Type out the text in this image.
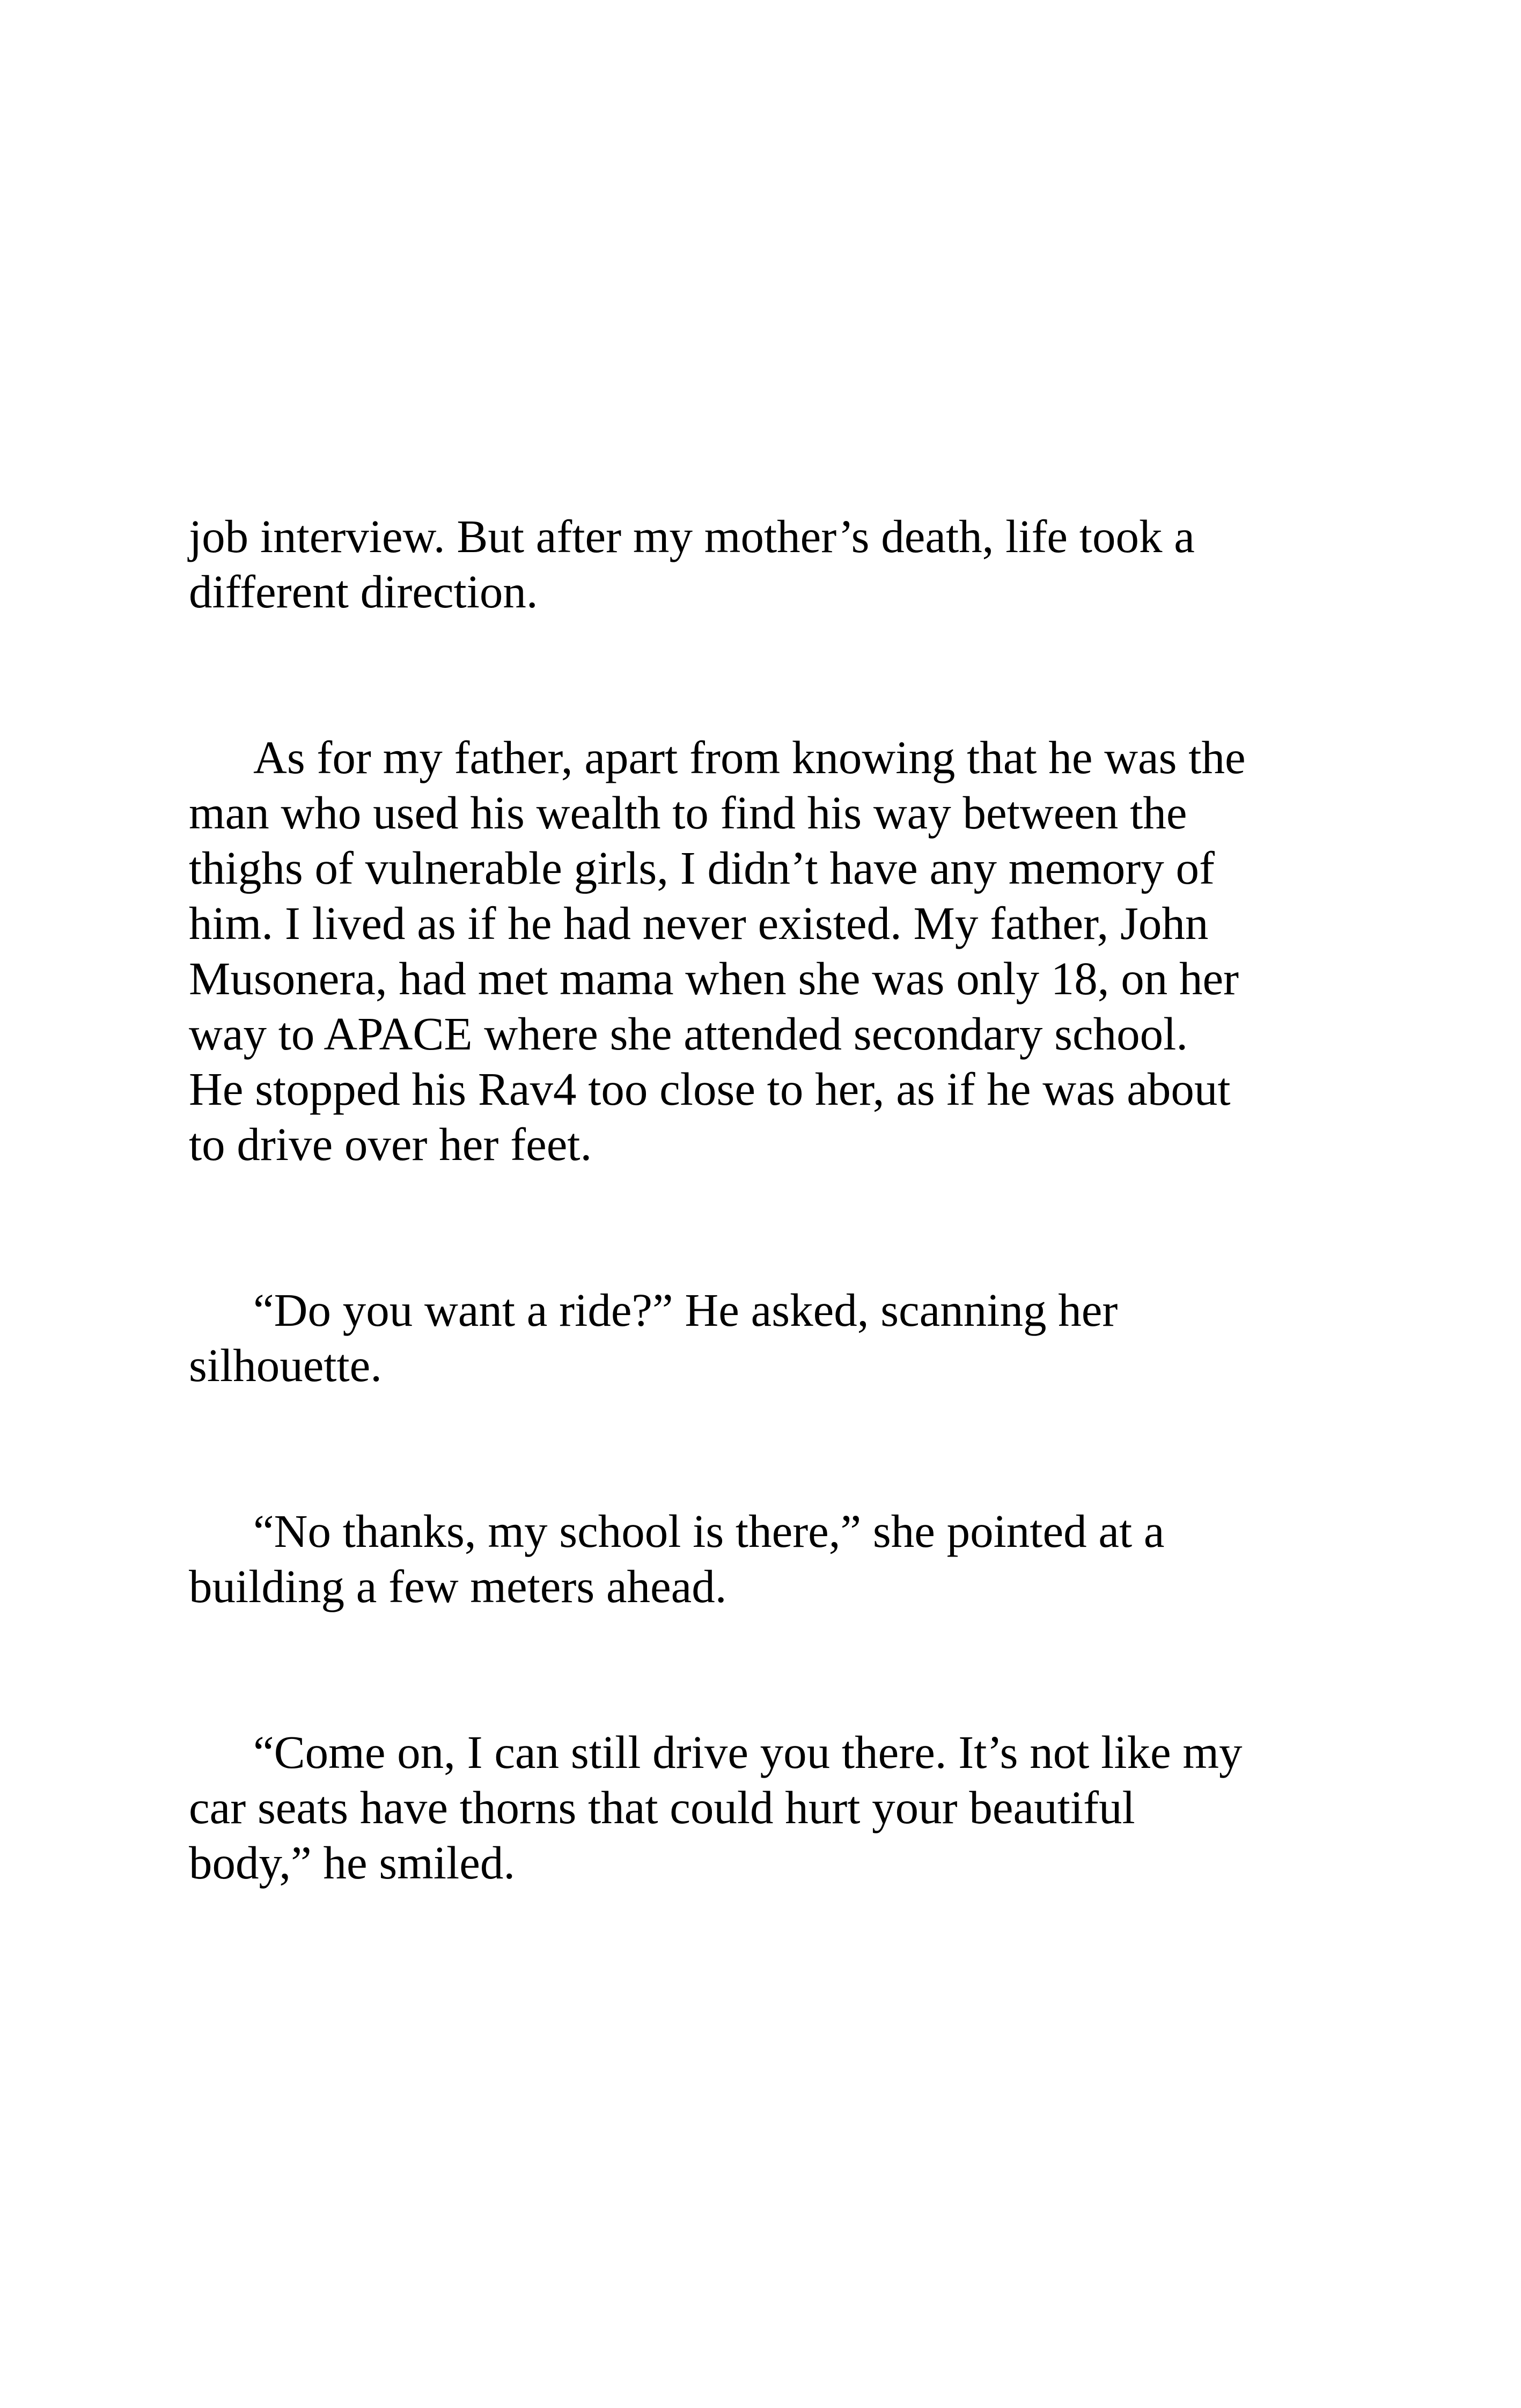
job interview. But after my mother’s death, life took a
different direction.

As for my father, apart from knowing that he was the
man who used his wealth to find his way between the
thighs of vulnerable girls, I didn’t have any memory of
him. I lived as if he had never existed. My father, John
Musonera, had met mama when she was only 18, on her
way to APACE where she attended secondary school.
He stopped his Rav4 too close to her, as if he was about
to drive over her feet.

“Do you want a ride?” He asked, scanning her
silhouette.

“No thanks, my school is there,” she pointed at a
building a few meters ahead.

“Come on, I can still drive you there. It’s not like my
car seats have thorns that could hurt your beautiful
body,” he smiled.
